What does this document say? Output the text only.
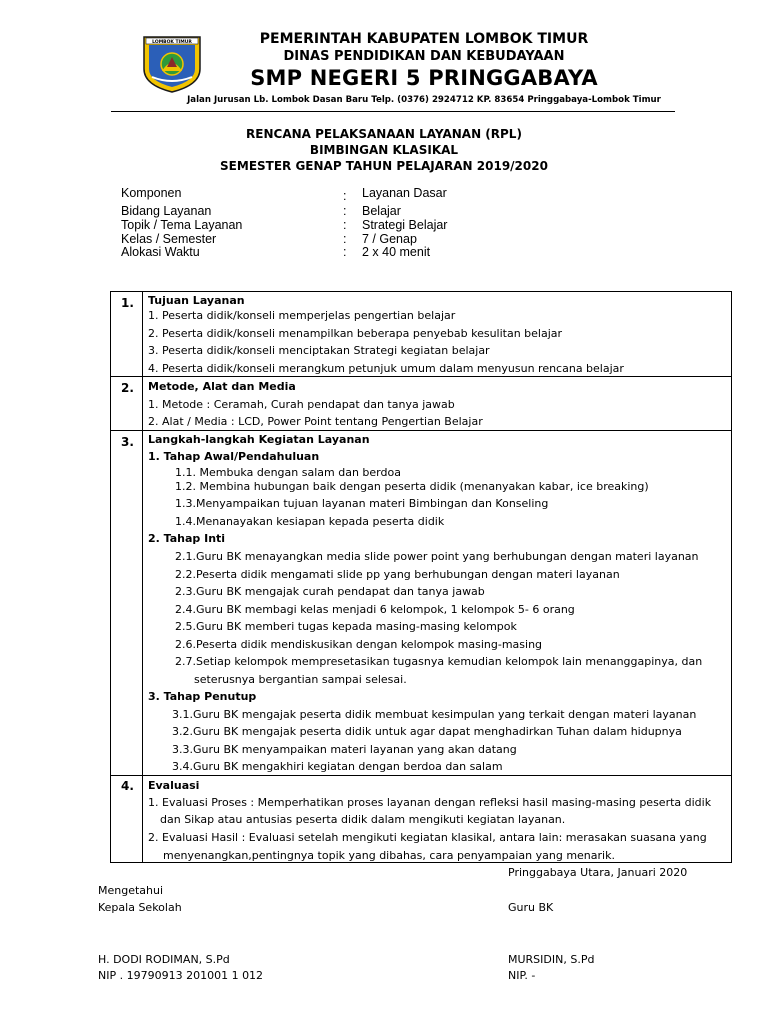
LOMBOK TIMUR	PEMERINTAH KABUPATEN LOMBOK TIMUR
DINAS PENDIDIKAN DAN KEBUDAYAAN
SMP NEGERI 5 PRINGGABAYA
Jalan Jurusan Lb. Lombok Dasan Baru Telp. (0376) 2924712 KP. 83654 Pringgabaya-Lombok Timur
RENCANA PELAKSANAAN LAYANAN (RPL)
BIMBINGAN KLASIKAL
SEMESTER GENAP TAHUN PELAJARAN 2019/2020
Komponen	: Layanan Dasar
Bidang Layanan	: Belajar
Topik / Tema Layanan	: Strategi Belajar
Kelas / Semester	: 7 / Genap
Alokasi Waktu	: 2 x 40 menit
1. Tujuan Layanan
1. Peserta didik/konseli memperjelas pengertian belajar
2. Peserta didik/konseli menampilkan beberapa penyebab kesulitan belajar
3. Peserta didik/konseli menciptakan Strategi kegiatan belajar
4. Peserta didik/konseli merangkum petunjuk umum dalam menyusun rencana belajar
2. Metode, Alat dan Media
1. Metode : Ceramah, Curah pendapat dan tanya jawab
2. Alat / Media : LCD, Power Point tentang Pengertian Belajar
3. Langkah-langkah Kegiatan Layanan
1. Tahap Awal/Pendahuluan
1.1. Membuka dengan salam dan berdoa
1.2. Membina hubungan baik dengan peserta didik (menanyakan kabar, ice breaking)
1.3.Menyampaikan tujuan layanan materi Bimbingan dan Konseling
1.4.Menanayakan kesiapan kepada peserta didik
2. Tahap Inti
2.1.Guru BK menayangkan media slide power point yang berhubungan dengan materi layanan
2.2.Peserta didik mengamati slide pp yang berhubungan dengan materi layanan
2.3.Guru BK mengajak curah pendapat dan tanya jawab
2.4.Guru BK membagi kelas menjadi 6 kelompok, 1 kelompok 5- 6 orang
2.5.Guru BK memberi tugas kepada masing-masing kelompok
2.6.Peserta didik mendiskusikan dengan kelompok masing-masing
2.7.Setiap kelompok mempresetasikan tugasnya kemudian kelompok lain menanggapinya, dan
seterusnya bergantian sampai selesai.
3. Tahap Penutup
3.1.Guru BK mengajak peserta didik membuat kesimpulan yang terkait dengan materi layanan
3.2.Guru BK mengajak peserta didik untuk agar dapat menghadirkan Tuhan dalam hidupnya
3.3.Guru BK menyampaikan materi layanan yang akan datang
3.4.Guru BK mengakhiri kegiatan dengan berdoa dan salam
4. Evaluasi
1. Evaluasi Proses : Memperhatikan proses layanan dengan refleksi hasil masing-masing peserta didik
dan Sikap atau antusias peserta didik dalam mengikuti kegiatan layanan.
2. Evaluasi Hasil : Evaluasi setelah mengikuti kegiatan klasikal, antara lain: merasakan suasana yang
menyenangkan,pentingnya topik yang dibahas, cara penyampaian yang menarik.
Pringgabaya Utara, Januari 2020
Mengetahui
Kepala Sekolah	Guru BK
H. DODI RODIMAN, S.Pd
NIP . 19790913 201001 1 012
MURSIDIN, S.Pd
NIP. -
